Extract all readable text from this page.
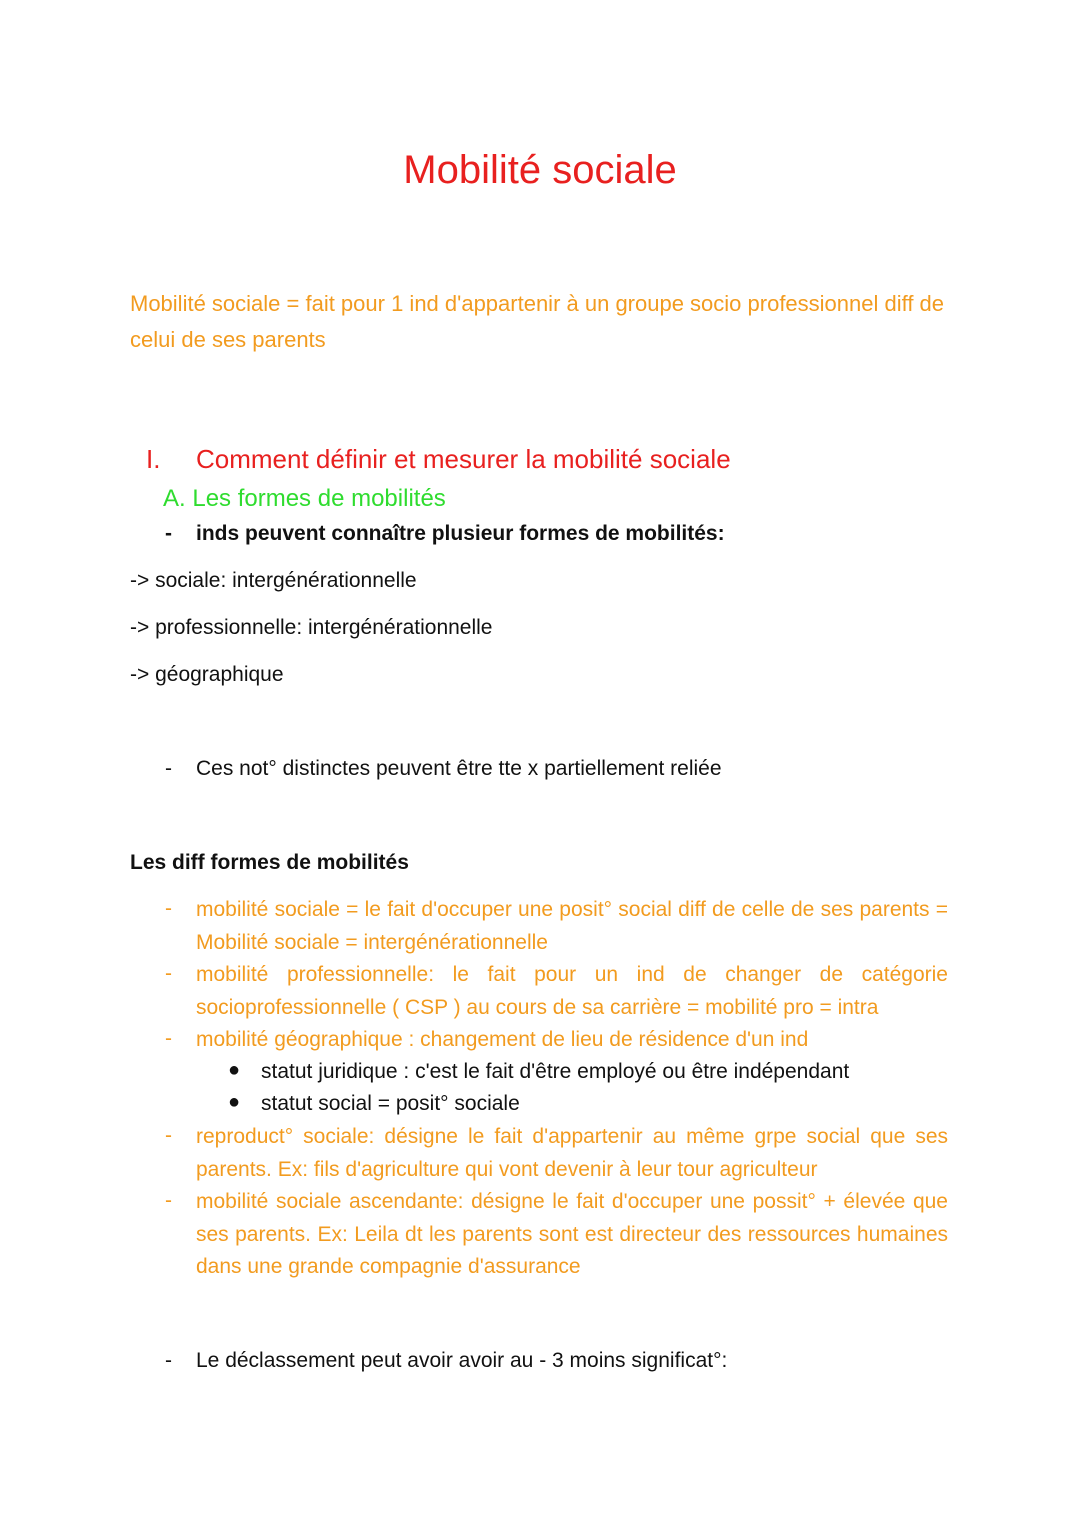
Mobilité sociale
Mobilité sociale = fait pour 1 ind d'appartenir à un groupe socio professionnel diff de celui de ses parents
I. Comment définir et mesurer la mobilité sociale
A. Les formes de mobilités
- inds peuvent connaître plusieur formes de mobilités:
-> sociale: intergénérationnelle
-> professionnelle: intergénérationnelle
-> géographique
- Ces not° distinctes peuvent être tte x partiellement reliée
Les diff formes de mobilités
- mobilité sociale = le fait d'occuper une posit° social diff de celle de ses parents = Mobilité sociale = intergénérationnelle
- mobilité professionnelle: le fait pour un ind de changer de catégorie socioprofessionnelle ( CSP ) au cours de sa carrière = mobilité pro = intra
- mobilité géographique : changement de lieu de résidence d'un ind
● statut juridique : c'est le fait d'être employé ou être indépendant
● statut social = posit° sociale
- reproduct° sociale: désigne le fait d'appartenir au même grpe social que ses parents. Ex: fils d'agriculture qui vont devenir à leur tour agriculteur
- mobilité sociale ascendante: désigne le fait d'occuper une possit° + élevée que ses parents. Ex: Leila dt les parents sont est directeur des ressources humaines dans une grande compagnie d'assurance
- Le déclassement peut avoir avoir au - 3 moins significat°:
